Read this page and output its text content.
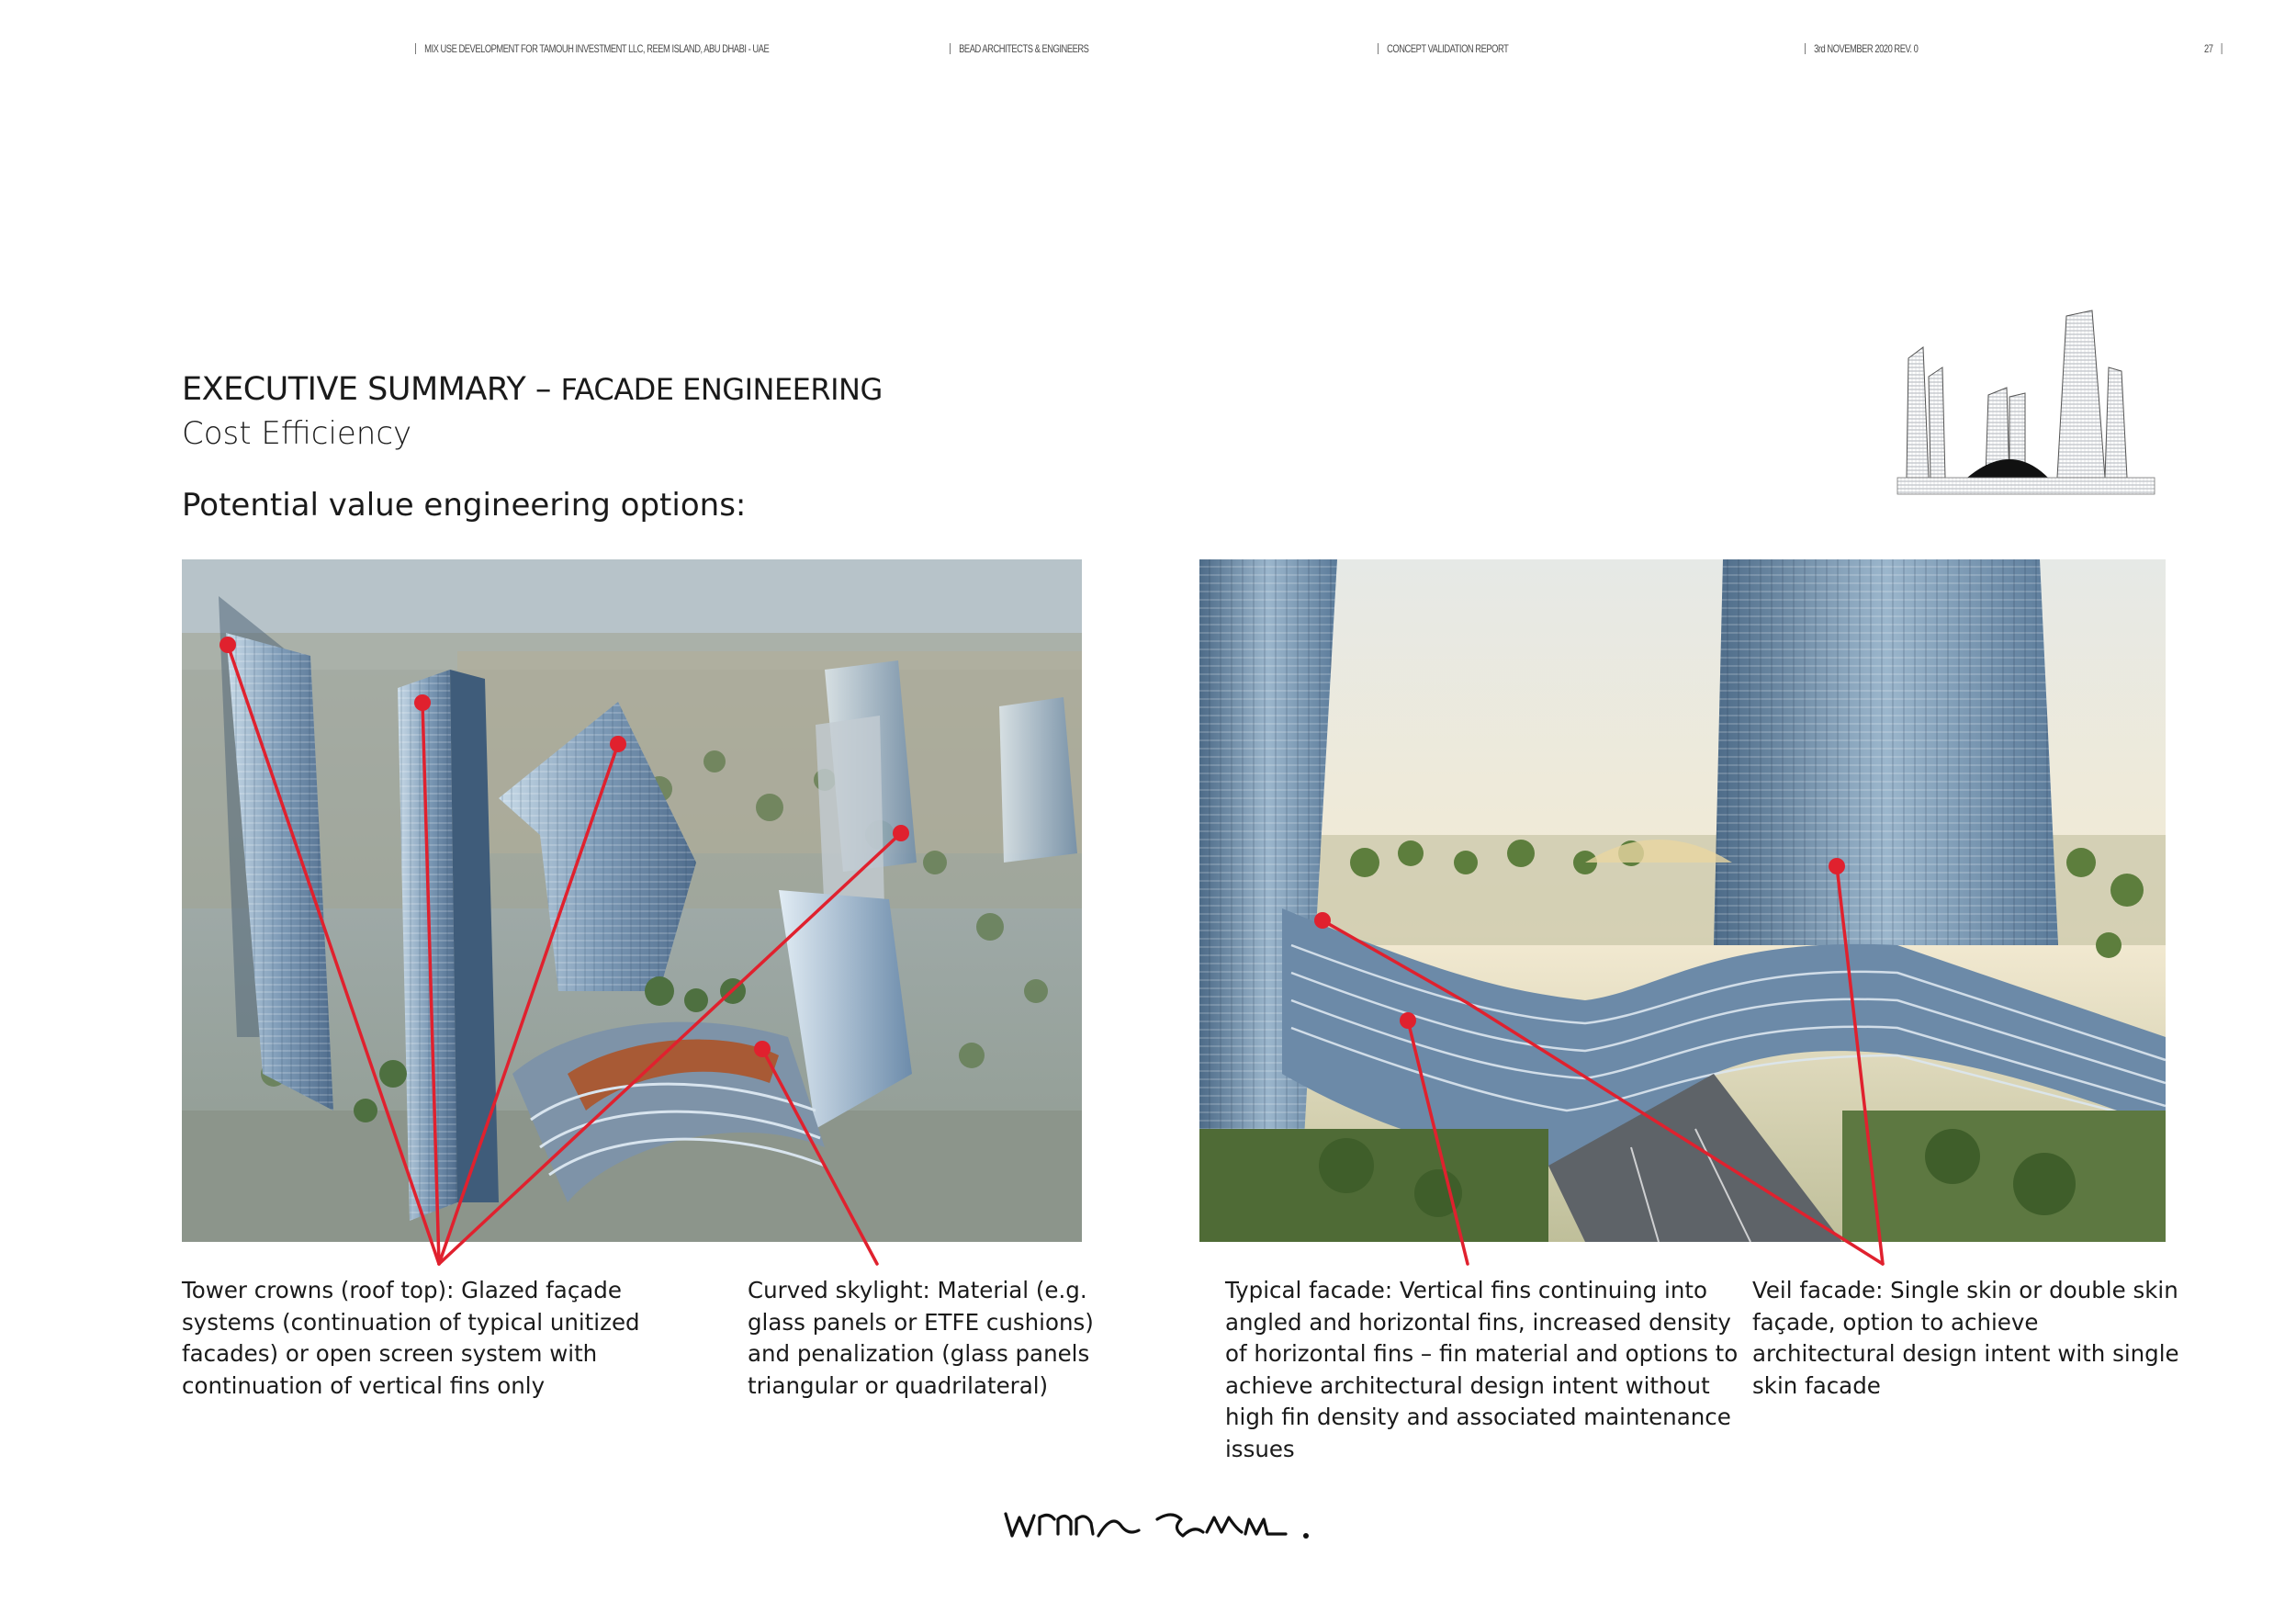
MIX USE DEVELOPMENT FOR TAMOUH INVESTMENT LLC, REEM ISLAND, ABU DHABI - UAE	BEAD ARCHITECTS & ENGINEERS	CONCEPT VALIDATION REPORT	3rd NOVEMBER 2020 REV. 0	27
EXECUTIVE SUMMARY – FACADE ENGINEERING
Cost Efficiency
Potential value engineering options:
Tower crowns (roof top): Glazed façade systems (continuation of typical unitized facades) or open screen system with continuation of vertical fins only
Curved skylight: Material (e.g. glass panels or ETFE cushions) and penalization (glass panels triangular or quadrilateral)
Typical facade: Vertical fins continuing into angled and horizontal fins, increased density of horizontal fins – fin material and options to achieve architectural design intent without high fin density and associated maintenance issues
Veil facade: Single skin or double skin façade, option to achieve architectural design intent with single skin facade
